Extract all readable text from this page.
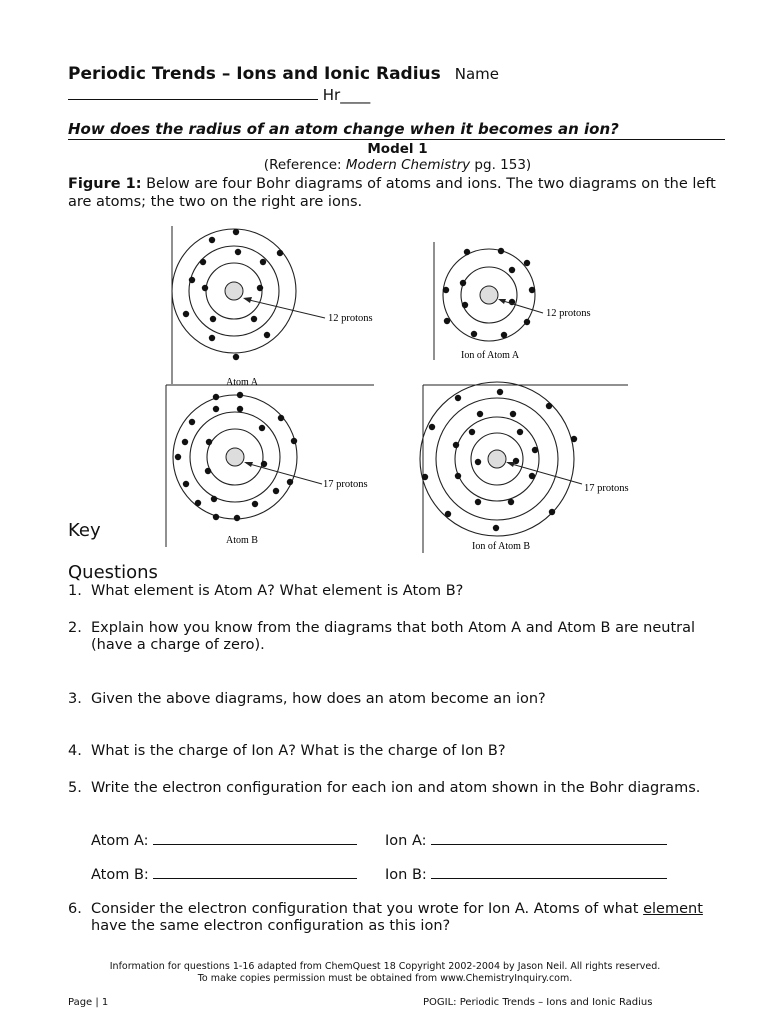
Periodic Trends – Ions and Ionic Radius Name
Hr____
How does the radius of an atom change when it becomes an ion?
Model 1
(Reference: Modern Chemistry pg. 153)
Figure 1: Below are four Bohr diagrams of atoms and ions. The two diagrams on the left are atoms; the two on the right are ions.
12 protons
Atom A
12 protons
Ion of Atom A
17 protons
Atom B
17 protons
Ion of Atom B
Key
Questions
1. What element is Atom A? What element is Atom B?
2. Explain how you know from the diagrams that both Atom A and Atom B are neutral (have a charge of zero).
3. Given the above diagrams, how does an atom become an ion?
4. What is the charge of Ion A? What is the charge of Ion B?
5. Write the electron configuration for each ion and atom shown in the Bohr diagrams.
Atom A:	Ion A:
Atom B:	Ion B:
6. Consider the electron configuration that you wrote for Ion A. Atoms of what element have the same electron configuration as this ion?
Information for questions 1-16 adapted from ChemQuest 18 Copyright 2002-2004 by Jason Neil. All rights reserved.
To make copies permission must be obtained from www.ChemistryInquiry.com.
Page | 1	POGIL: Periodic Trends – Ions and Ionic Radius
